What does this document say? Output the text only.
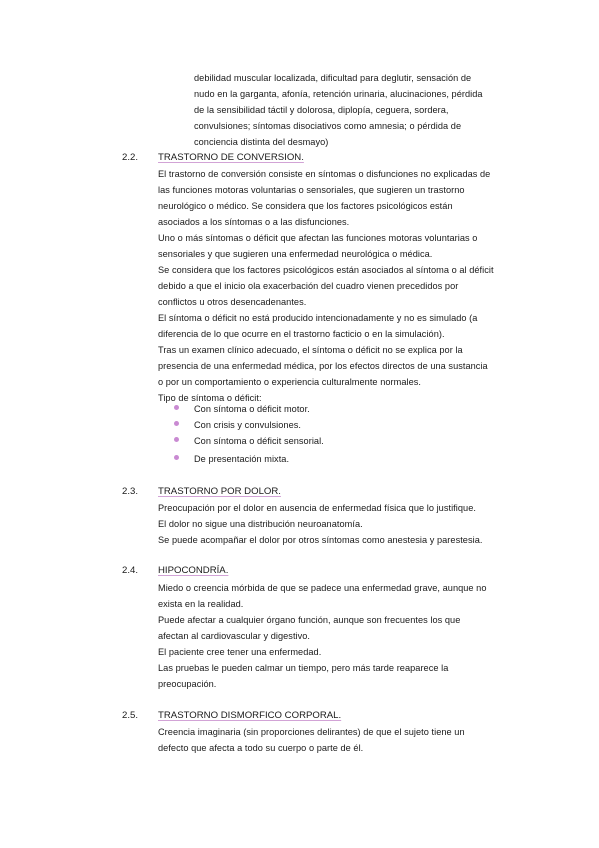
debilidad muscular localizada, dificultad para deglutir, sensación de
nudo en la garganta, afonía, retención urinaria, alucinaciones, pérdida
de la sensibilidad táctil y dolorosa, diplopía, ceguera, sordera,
convulsiones; síntomas disociativos como amnesia; o pérdida de
conciencia distinta del desmayo)
2.2. TRASTORNO DE CONVERSION.
El trastorno de conversión consiste en síntomas o disfunciones no explicadas de
las funciones motoras voluntarias o sensoriales, que sugieren un trastorno
neurológico o médico. Se considera que los factores psicológicos están
asociados a los síntomas o a las disfunciones.
Uno o más síntomas o déficit que afectan las funciones motoras voluntarias o
sensoriales y que sugieren una enfermedad neurológica o médica.
Se considera que los factores psicológicos están asociados al síntoma o al déficit
debido a que el inicio ola exacerbación del cuadro vienen precedidos por
conflictos u otros desencadenantes.
El síntoma o déficit no está producido intencionadamente y no es simulado (a
diferencia de lo que ocurre en el trastorno facticio o en la simulación).
Tras un examen clínico adecuado, el síntoma o déficit no se explica por la
presencia de una enfermedad médica, por los efectos directos de una sustancia
o por un comportamiento o experiencia culturalmente normales.
Tipo de síntoma o déficit:
Con síntoma o déficit motor.
Con crisis y convulsiones.
Con síntoma o déficit sensorial.
De presentación mixta.
2.3. TRASTORNO POR DOLOR.
Preocupación por el dolor en ausencia de enfermedad física que lo justifique.
El dolor no sigue una distribución neuroanatomía.
Se puede acompañar el dolor por otros síntomas como anestesia y parestesia.
2.4. HIPOCONDRÍA.
Miedo o creencia mórbida de que se padece una enfermedad grave, aunque no
exista en la realidad.
Puede afectar a cualquier órgano función, aunque son frecuentes los que
afectan al cardiovascular y digestivo.
El paciente cree tener una enfermedad.
Las pruebas le pueden calmar un tiempo, pero más tarde reaparece la
preocupación.
2.5. TRASTORNO DISMORFICO CORPORAL.
Creencia imaginaria (sin proporciones delirantes) de que el sujeto tiene un
defecto que afecta a todo su cuerpo o parte de él.
